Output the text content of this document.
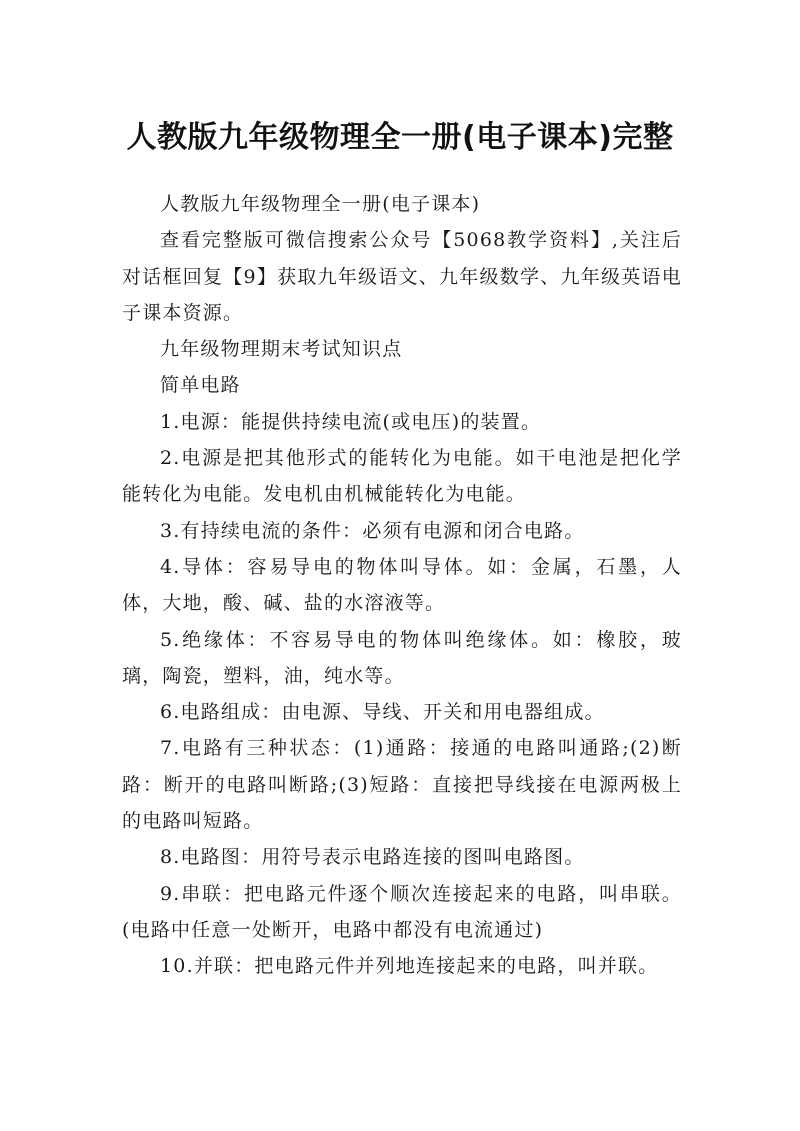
人教版九年级物理全一册(电子课本)完整

人教版九年级物理全一册(电子课本)

查看完整版可微信搜索公众号【5068教学资料】,关注后对话框回复【9】获取九年级语文、九年级数学、九年级英语电子课本资源。

九年级物理期末考试知识点

简单电路

1.电源：能提供持续电流(或电压)的装置。

2.电源是把其他形式的能转化为电能。如干电池是把化学能转化为电能。发电机由机械能转化为电能。

3.有持续电流的条件：必须有电源和闭合电路。

4.导体：容易导电的物体叫导体。如：金属，石墨，人体，大地，酸、碱、盐的水溶液等。

5.绝缘体：不容易导电的物体叫绝缘体。如：橡胶，玻璃，陶瓷，塑料，油，纯水等。

6.电路组成：由电源、导线、开关和用电器组成。

7.电路有三种状态：(1)通路：接通的电路叫通路;(2)断路：断开的电路叫断路;(3)短路：直接把导线接在电源两极上的电路叫短路。

8.电路图：用符号表示电路连接的图叫电路图。

9.串联：把电路元件逐个顺次连接起来的电路，叫串联。(电路中任意一处断开，电路中都没有电流通过)

10.并联：把电路元件并列地连接起来的电路，叫并联。
